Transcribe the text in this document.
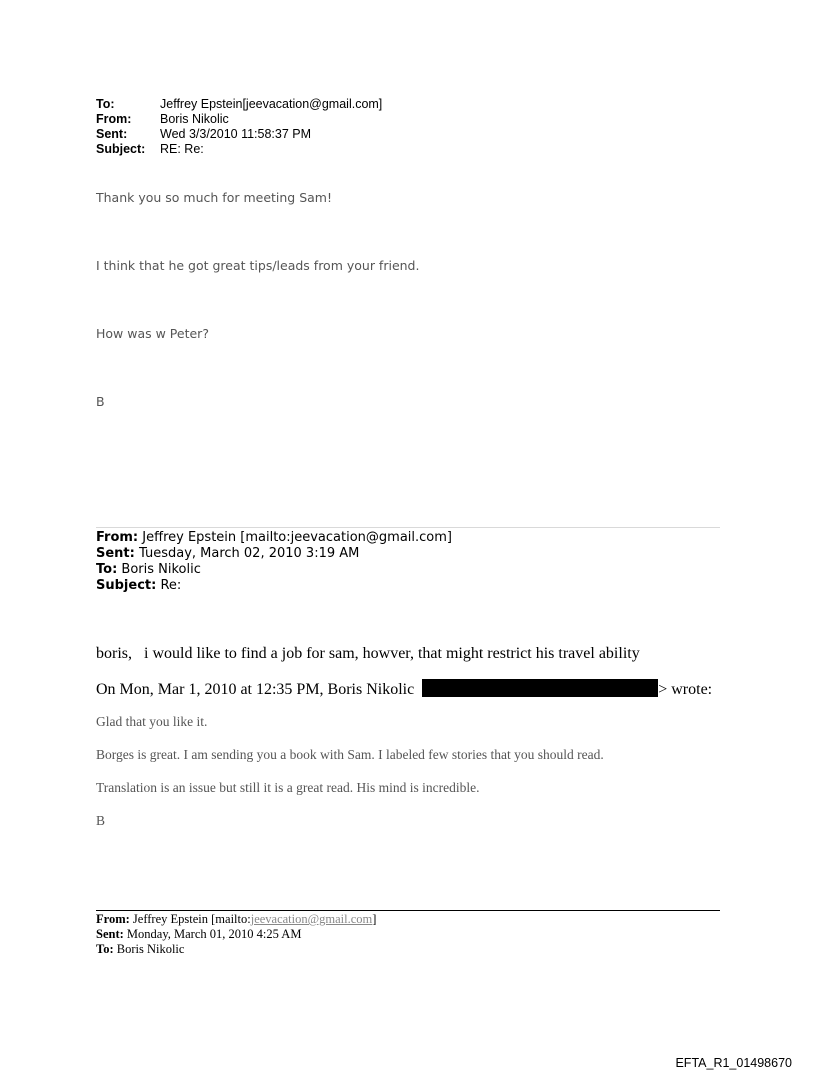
To:	Jeffrey Epstein[jeevacation@gmail.com]
From: Boris Nikolic
Sent:	Wed 3/3/2010 11:58:37 PM
Subject: RE: Re:
Thank you so much for meeting Sam!
I think that he got great tips/leads from your friend.
How was w Peter?
B
From: Jeffrey Epstein [mailto:jeevacation@gmail.com]
Sent: Tuesday, March 02, 2010 3:19 AM
To: Boris Nikolic
Subject: Re:
boris,   i would like to find a job for sam, howver, that might restrict his travel ability
On Mon, Mar 1, 2010 at 12:35 PM, Boris Nikolic	> wrote:
Glad that you like it.
Borges is great. I am sending you a book with Sam. I labeled few stories that you should read.
Translation is an issue but still it is a great read. His mind is incredible.
B
From: Jeffrey Epstein [mailto:jeevacation@gmail.com]
Sent: Monday, March 01, 2010 4:25 AM
To: Boris Nikolic
EFTA_R1_01498670
